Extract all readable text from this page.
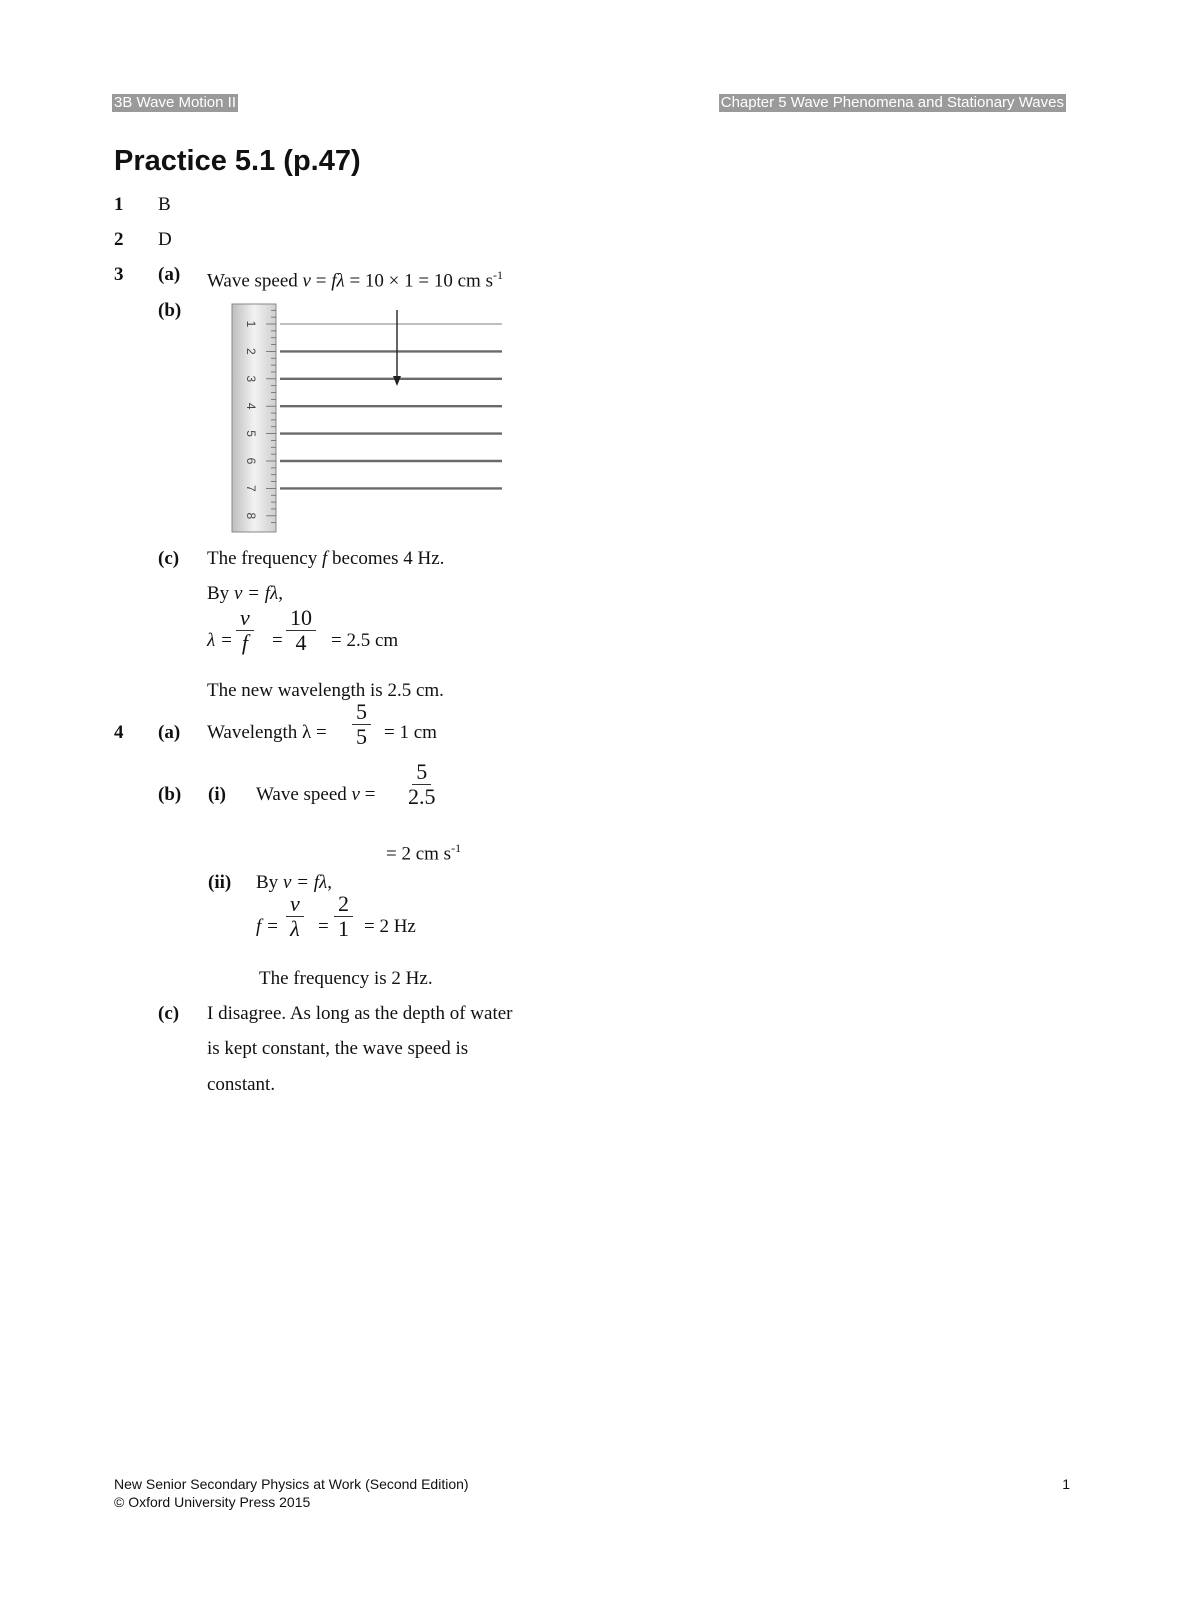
3B Wave Motion II	Chapter 5 Wave Phenomena and Stationary Waves
Practice 5.1 (p.47)
1 B
2 D
3 (a) Wave speed v = fλ = 10 × 1 = 10 cm $s^{-1}$
(b)
1
2
3
4
5
6
7
8
(c) The frequency f becomes 4 Hz.
By v = fλ,
$\lambda = \frac{v}{f} = \frac{10}{4} = 2.5$ cm
The new wavelength is 2.5 cm.
4 (a) Wavelength $\lambda = \frac{5}{5} = 1$ cm
(b) (i) Wave speed $v = \frac{5}{2.5}$
= 2 cm $s^{-1}$
(ii) By v = fλ,
$f = \frac{v}{\lambda} = \frac{2}{1} = 2$ Hz
The frequency is 2 Hz.
(c) I disagree. As long as the depth of water
is kept constant, the wave speed is
constant.
New Senior Secondary Physics at Work (Second Edition)
© Oxford University Press 2015
1
